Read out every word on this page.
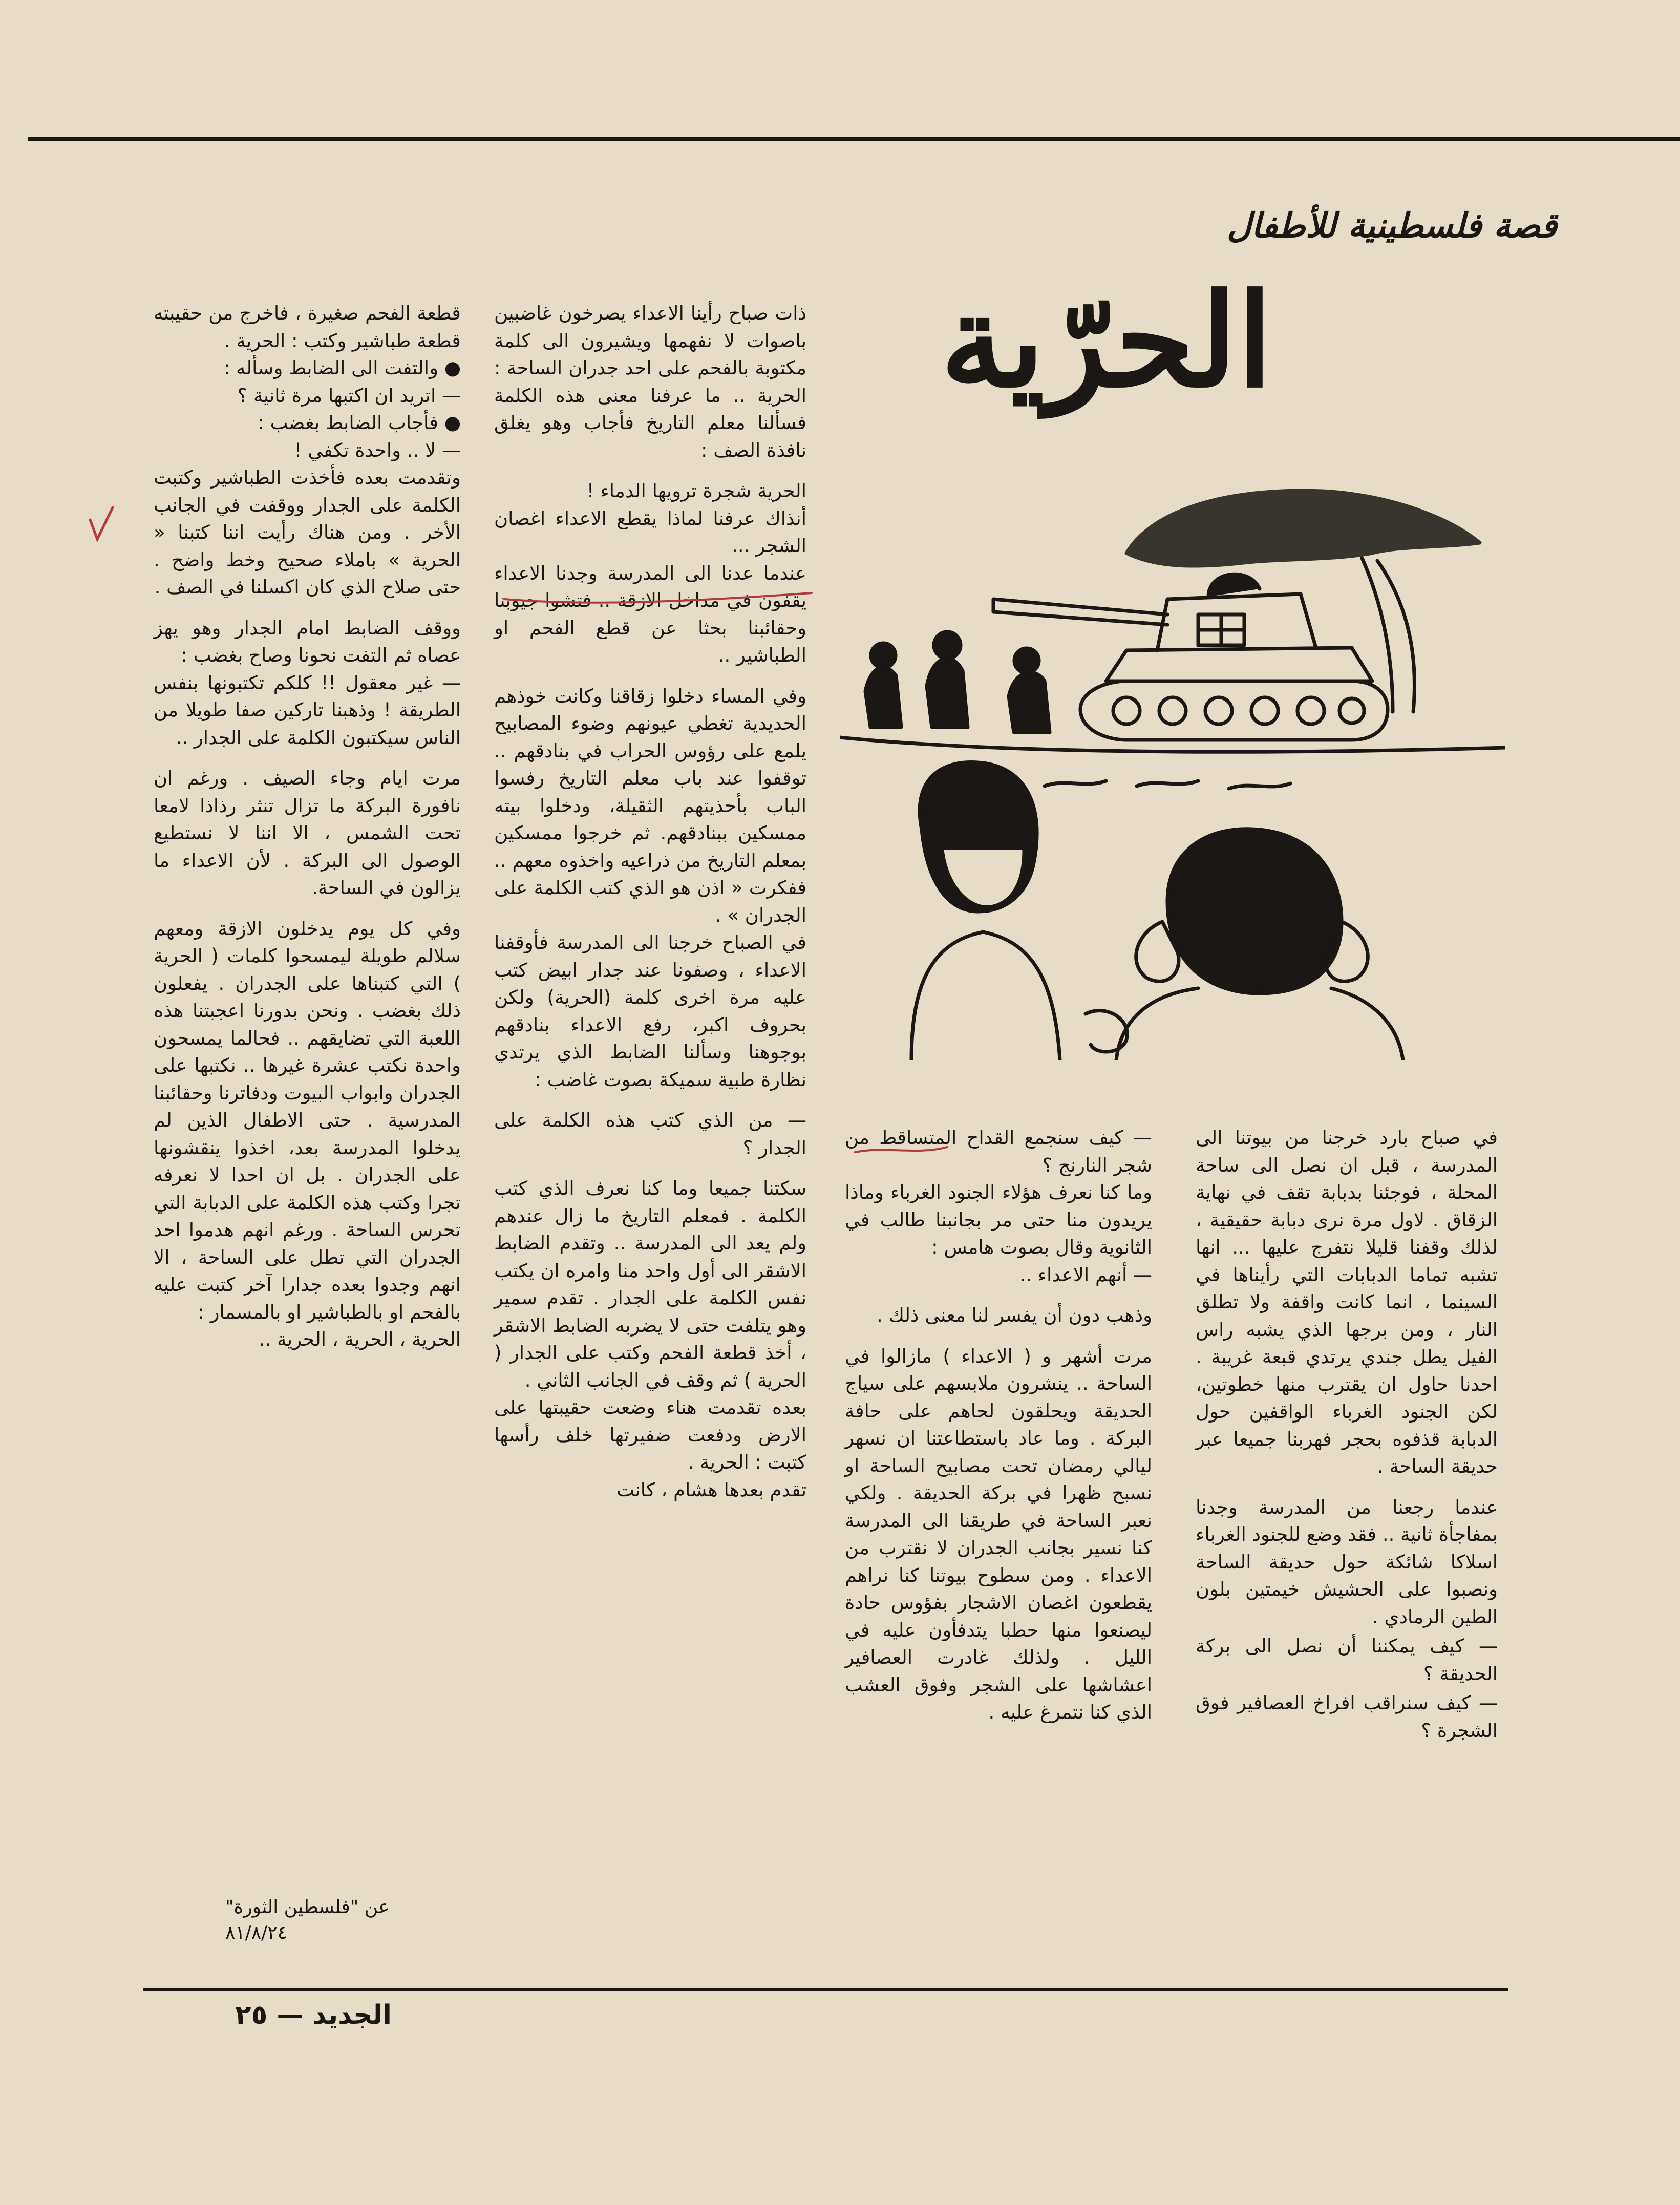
قصة فلسطينية للأطفال
الحرّية

في صباح بارد خرجنا من بيوتنا الى المدرسة ، قبل ان نصل الى ساحة المحلة ، فوجئنا بدبابة تقف في نهاية الزقاق . لاول مرة نرى دبابة حقيقية ، لذلك وقفنا قليلا نتفرج عليها ... انها تشبه تماما الدبابات التي رأيناها في السينما ، انما كانت واقفة ولا تطلق النار ، ومن برجها الذي يشبه راس الفيل يطل جندي يرتدي قبعة غريبة . احدنا حاول ان يقترب منها خطوتين، لكن الجنود الغرباء الواقفين حول الدبابة قذفوه بحجر فهربنا جميعا عبر حديقة الساحة .

عندما رجعنا من المدرسة وجدنا بمفاجأة ثانية .. فقد وضع للجنود الغرباء اسلاكا شائكة حول حديقة الساحة ونصبوا على الحشيش خيمتين بلون الطين الرمادي .

— كيف يمكننا أن نصل الى بركة الحديقة ؟

— كيف سنراقب افراخ العصافير فوق الشجرة ؟

— كيف سنجمع القداح المتساقط من شجر النارنج ؟

وما كنا نعرف هؤلاء الجنود الغرباء وماذا يريدون منا حتى مر بجانبنا طالب في الثانوية وقال بصوت هامس :

— أنهم الاعداء ..

وذهب دون أن يفسر لنا معنى ذلك .

مرت أشهر و ( الاعداء ) مازالوا في الساحة .. ينشرون ملابسهم على سياج الحديقة ويحلقون لحاهم على حافة البركة . وما عاد باستطاعتنا ان نسهر ليالي رمضان تحت مصابيح الساحة او نسبح ظهرا في بركة الحديقة . ولكي نعبر الساحة في طريقنا الى المدرسة كنا نسير بجانب الجدران لا نقترب من الاعداء . ومن سطوح بيوتنا كنا نراهم يقطعون اغصان الاشجار بفؤوس حادة ليصنعوا منها حطبا يتدفأون عليه في الليل . ولذلك غادرت العصافير اعشاشها على الشجر وفوق العشب الذي كنا نتمرغ عليه .

ذات صباح رأينا الاعداء يصرخون غاضبين باصوات لا نفهمها ويشيرون الى كلمة مكتوبة بالفحم على احد جدران الساحة : الحرية .. ما عرفنا معنى هذه الكلمة فسألنا معلم التاريخ فأجاب وهو يغلق نافذة الصف :

الحرية شجرة ترويها الدماء !

أنذاك عرفنا لماذا يقطع الاعداء اغصان الشجر ...

عندما عدنا الى المدرسة وجدنا الاعداء يقفون في مداخل الازقة .. فتشوا جيوبنا وحقائبنا بحثا عن قطع الفحم او الطباشير ..

وفي المساء دخلوا زقاقنا وكانت خوذهم الحديدية تغطي عيونهم وضوء المصابيح يلمع على رؤوس الحراب في بنادقهم .. توقفوا عند باب معلم التاريخ رفسوا الباب بأحذيتهم الثقيلة، ودخلوا بيته ممسكين ببنادقهم. ثم خرجوا ممسكين بمعلم التاريخ من ذراعيه واخذوه معهم .. ففكرت « اذن هو الذي كتب الكلمة على الجدران » .

في الصباح خرجنا الى المدرسة فأوقفنا الاعداء ، وصفونا عند جدار ابيض كتب عليه مرة اخرى كلمة (الحرية) ولكن بحروف اكبر، رفع الاعداء بنادقهم بوجوهنا وسألنا الضابط الذي يرتدي نظارة طبية سميكة بصوت غاضب :

— من الذي كتب هذه الكلمة على الجدار ؟

سكتنا جميعا وما كنا نعرف الذي كتب الكلمة . فمعلم التاريخ ما زال عندهم ولم يعد الى المدرسة .. وتقدم الضابط الاشقر الى أول واحد منا وامره ان يكتب نفس الكلمة على الجدار . تقدم سمير وهو يتلفت حتى لا يضربه الضابط الاشقر ، أخذ قطعة الفحم وكتب على الجدار ( الحرية ) ثم وقف في الجانب الثاني .

بعده تقدمت هناء وضعت حقيبتها على الارض ودفعت ضفيرتها خلف رأسها كتبت : الحرية .

تقدم بعدها هشام ، كانت

قطعة الفحم صغيرة ، فاخرج من حقيبته قطعة طباشير وكتب : الحرية .

● والتفت الى الضابط وسأله :

— اتريد ان اكتبها مرة ثانية ؟

● فأجاب الضابط بغضب :

— لا .. واحدة تكفي !

وتقدمت بعده فأخذت الطباشير وكتبت الكلمة على الجدار ووقفت في الجانب الأخر . ومن هناك رأيت اننا كتبنا « الحرية » باملاء صحيح وخط واضح . حتى صلاح الذي كان اكسلنا في الصف .

ووقف الضابط امام الجدار وهو يهز عصاه ثم التفت نحونا وصاح بغضب :

— غير معقول !! كلكم تكتبونها بنفس الطريقة ! وذهبنا تاركين صفا طويلا من الناس سيكتبون الكلمة على الجدار ..

مرت ايام وجاء الصيف . ورغم ان نافورة البركة ما تزال تنثر رذاذا لامعا تحت الشمس ، الا اننا لا نستطيع الوصول الى البركة . لأن الاعداء ما يزالون في الساحة.

وفي كل يوم يدخلون الازقة ومعهم سلالم طويلة ليمسحوا كلمات ( الحرية ) التي كتبناها على الجدران . يفعلون ذلك بغضب . ونحن بدورنا اعجبتنا هذه اللعبة التي تضايقهم .. فحالما يمسحون واحدة نكتب عشرة غيرها .. نكتبها على الجدران وابواب البيوت ودفاترنا وحقائبنا المدرسية . حتى الاطفال الذين لم يدخلوا المدرسة بعد، اخذوا ينقشونها على الجدران . بل ان احدا لا نعرفه تجرا وكتب هذه الكلمة على الدبابة التي تحرس الساحة . ورغم انهم هدموا احد الجدران التي تطل على الساحة ، الا انهم وجدوا بعده جدارا آخر كتبت عليه بالفحم او بالطباشير او بالمسمار :

الحرية ، الحرية ، الحرية ..

عن "فلسطين الثورة"
٨١/٨/٢٤
الجديد — ٢٥
